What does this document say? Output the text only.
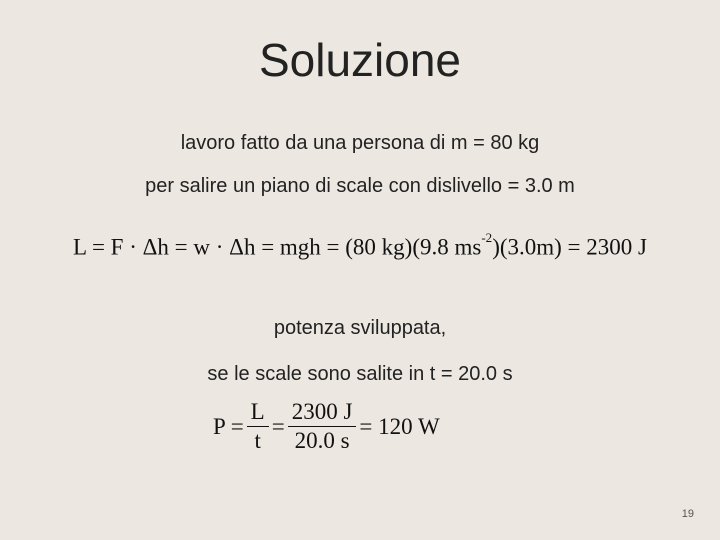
Soluzione
lavoro fatto da una persona di m = 80 kg
per salire un piano di scale con dislivello = 3.0 m
L = F · Δh = w · Δh = mgh = (80 kg)(9.8 $ms^{-2})(3.0m) = 2300$ J
potenza sviluppata,
se le scale sono salite in t = 20.0 s
$P = \frac{L}{t} = \frac{2300 J}{20.0 s} = 120$ W
19
